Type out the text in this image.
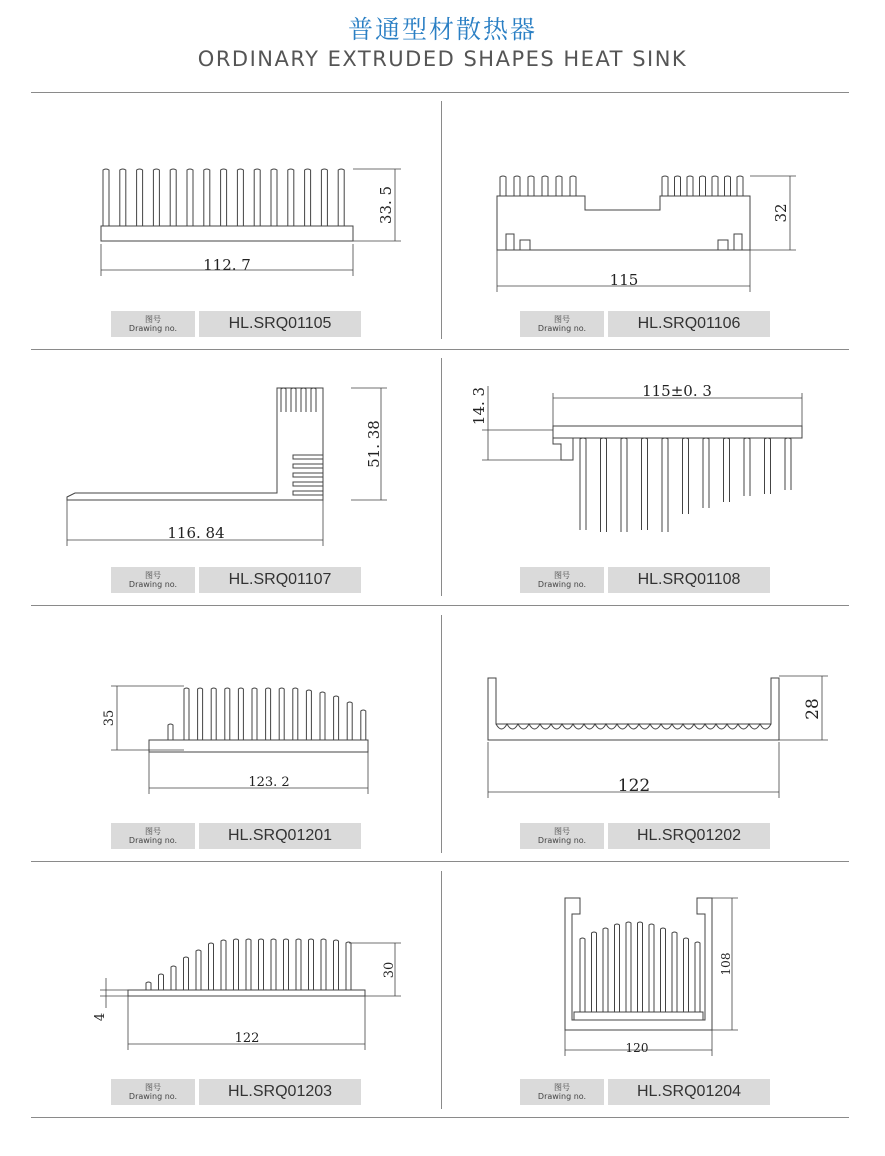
普通型材散热器
ORDINARY EXTRUDED SHAPES HEAT SINK
112. 7
33. 5
图号
Drawing no.	HL.SRQ01105
115
32
图号
Drawing no.	HL.SRQ01106
116. 84
51. 38
图号
Drawing no.	HL.SRQ01107
115±0. 3
14. 3
图号
Drawing no.	HL.SRQ01108
123. 2
35
图号
Drawing no.	HL.SRQ01201
122
28
图号
Drawing no.	HL.SRQ01202
122
30
4
图号
Drawing no.	HL.SRQ01203
120
108
图号
Drawing no.	HL.SRQ01204
